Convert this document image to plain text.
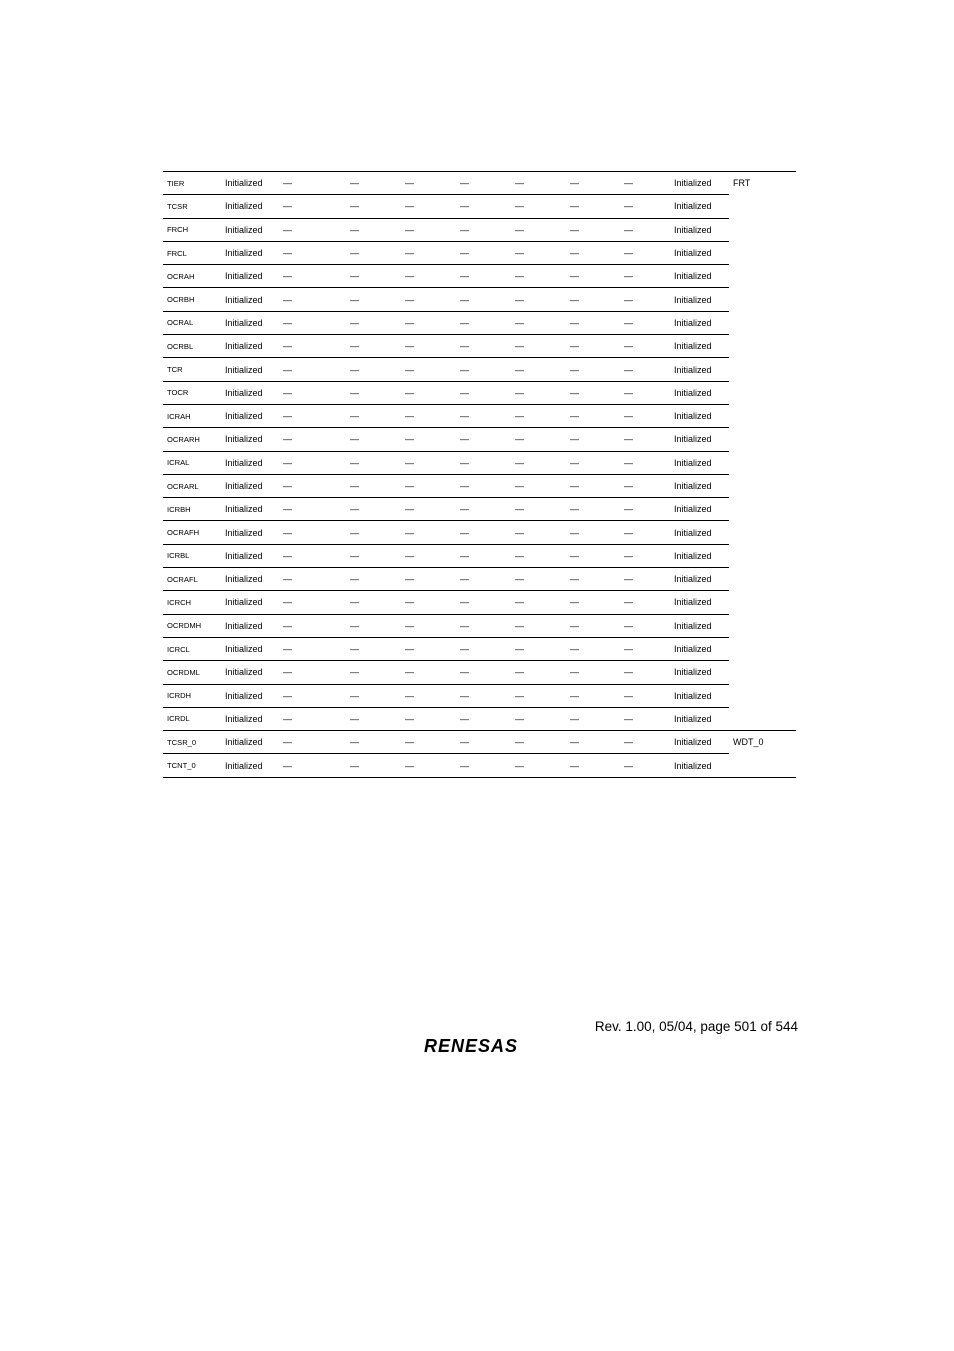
TIER	Initialized	—	—	—	—	—	—	—	Initialized	FRT
TCSR	Initialized	—	—	—	—	—	—	—	Initialized	
FRCH	Initialized	—	—	—	—	—	—	—	Initialized	
FRCL	Initialized	—	—	—	—	—	—	—	Initialized	
OCRAH	Initialized	—	—	—	—	—	—	—	Initialized	
OCRBH	Initialized	—	—	—	—	—	—	—	Initialized	
OCRAL	Initialized	—	—	—	—	—	—	—	Initialized	
OCRBL	Initialized	—	—	—	—	—	—	—	Initialized	
TCR	Initialized	—	—	—	—	—	—	—	Initialized	
TOCR	Initialized	—	—	—	—	—	—	—	Initialized	
ICRAH	Initialized	—	—	—	—	—	—	—	Initialized	
OCRARH	Initialized	—	—	—	—	—	—	—	Initialized	
ICRAL	Initialized	—	—	—	—	—	—	—	Initialized	
OCRARL	Initialized	—	—	—	—	—	—	—	Initialized	
ICRBH	Initialized	—	—	—	—	—	—	—	Initialized	
OCRAFH	Initialized	—	—	—	—	—	—	—	Initialized	
ICRBL	Initialized	—	—	—	—	—	—	—	Initialized	
OCRAFL	Initialized	—	—	—	—	—	—	—	Initialized	
ICRCH	Initialized	—	—	—	—	—	—	—	Initialized	
OCRDMH	Initialized	—	—	—	—	—	—	—	Initialized	
ICRCL	Initialized	—	—	—	—	—	—	—	Initialized	
OCRDML	Initialized	—	—	—	—	—	—	—	Initialized	
ICRDH	Initialized	—	—	—	—	—	—	—	Initialized	
ICRDL	Initialized	—	—	—	—	—	—	—	Initialized	
TCSR_0	Initialized	—	—	—	—	—	—	—	Initialized	WDT_0
TCNT_0	Initialized	—	—	—	—	—	—	—	Initialized	
Rev. 1.00, 05/04, page 501 of 544
RENESAS
